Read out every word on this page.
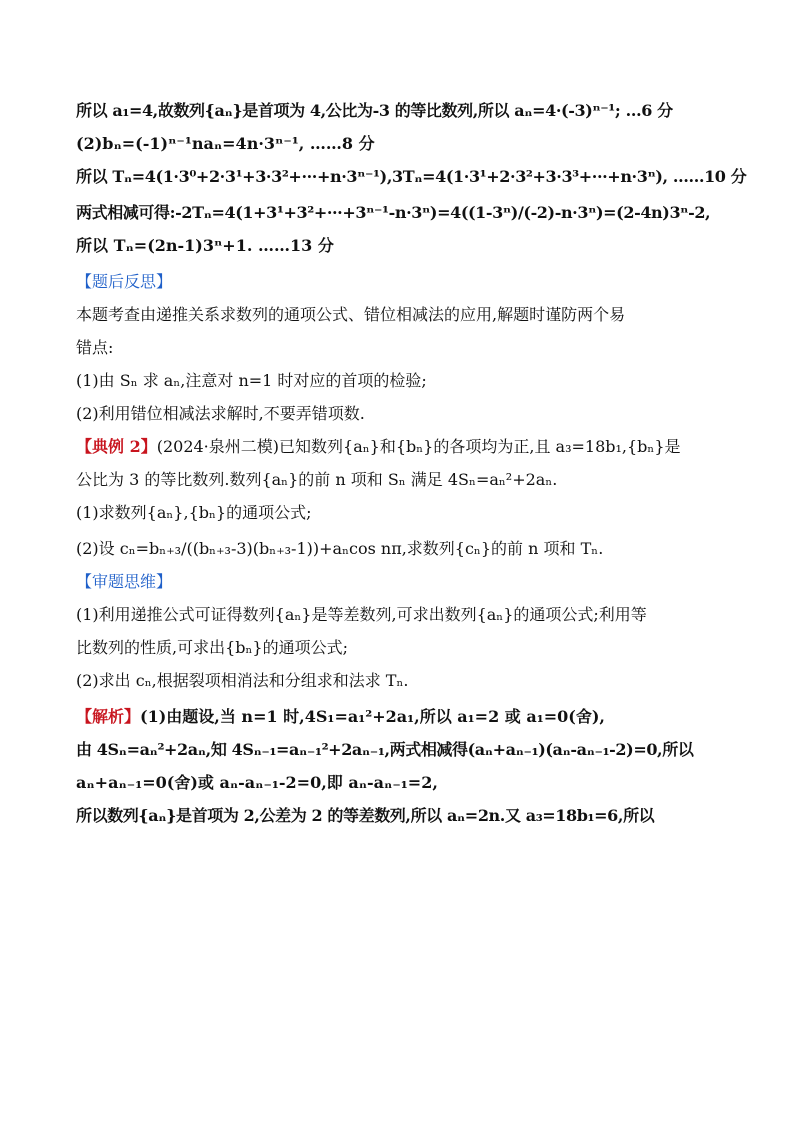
所以 a₁=4,故数列{aₙ}是首项为 4,公比为-3 的等比数列,所以 aₙ=4·(-3)ⁿ⁻¹; …6 分
(2)bₙ=(-1)ⁿ⁻¹naₙ=4n·3ⁿ⁻¹, ……8 分
所以 Tₙ=4(1·3⁰+2·3¹+3·3²+···+n·3ⁿ⁻¹),3Tₙ=4(1·3¹+2·3²+3·3³+···+n·3ⁿ), ……10 分
两式相减可得:-2Tₙ=4(1+3¹+3²+···+3ⁿ⁻¹-n·3ⁿ)=4((1-3ⁿ)/(-2)-n·3ⁿ)=(2-4n)3ⁿ-2,
所以 Tₙ=(2n-1)3ⁿ+1. ……13 分
【题后反思】
本题考查由递推关系求数列的通项公式、错位相减法的应用,解题时谨防两个易
错点:
(1)由 Sₙ 求 aₙ,注意对 n=1 时对应的首项的检验;
(2)利用错位相减法求解时,不要弄错项数.
【典例 2】(2024·泉州二模)已知数列{aₙ}和{bₙ}的各项均为正,且 a₃=18b₁,{bₙ}是
公比为 3 的等比数列.数列{aₙ}的前 n 项和 Sₙ 满足 4Sₙ=aₙ²+2aₙ.
(1)求数列{aₙ},{bₙ}的通项公式;
(2)设 cₙ=bₙ₊₃/((bₙ₊₃-3)(bₙ₊₃-1))+aₙcos nπ,求数列{cₙ}的前 n 项和 Tₙ.
【审题思维】
(1)利用递推公式可证得数列{aₙ}是等差数列,可求出数列{aₙ}的通项公式;利用等
比数列的性质,可求出{bₙ}的通项公式;
(2)求出 cₙ,根据裂项相消法和分组求和法求 Tₙ.
【解析】(1)由题设,当 n=1 时,4S₁=a₁²+2a₁,所以 a₁=2 或 a₁=0(舍),
由 4Sₙ=aₙ²+2aₙ,知 4Sₙ₋₁=aₙ₋₁²+2aₙ₋₁,两式相减得(aₙ+aₙ₋₁)(aₙ-aₙ₋₁-2)=0,所以
aₙ+aₙ₋₁=0(舍)或 aₙ-aₙ₋₁-2=0,即 aₙ-aₙ₋₁=2,
所以数列{aₙ}是首项为 2,公差为 2 的等差数列,所以 aₙ=2n.又 a₃=18b₁=6,所以
